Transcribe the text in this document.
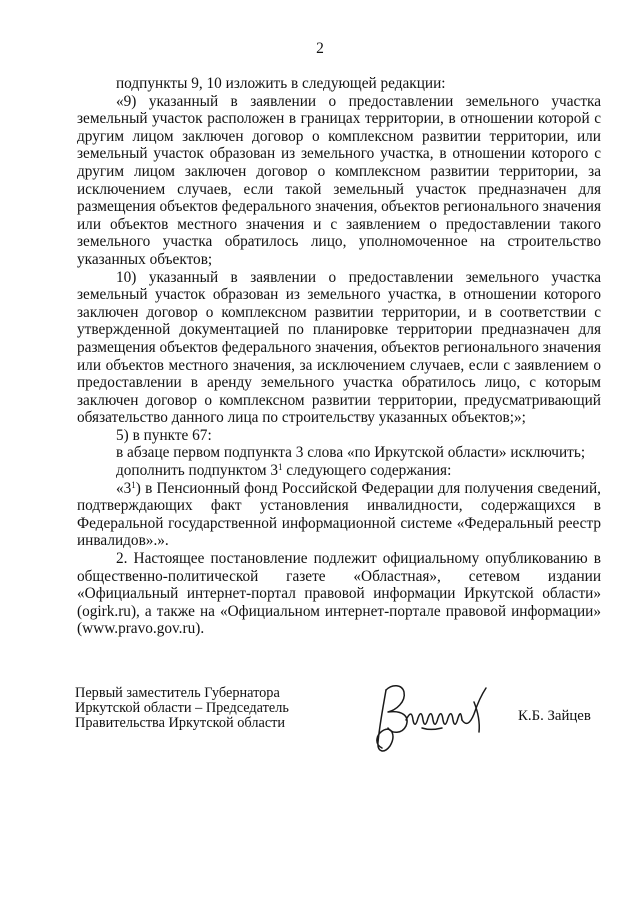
2

подпункты 9, 10 изложить в следующей редакции:

«9) указанный в заявлении о предоставлении земельного участка земельный участок расположен в границах территории, в отношении которой с другим лицом заключен договор о комплексном развитии территории, или земельный участок образован из земельного участка, в отношении которого с другим лицом заключен договор о комплексном развитии территории, за исключением случаев, если такой земельный участок предназначен для размещения объектов федерального значения, объектов регионального значения или объектов местного значения и с заявлением о предоставлении такого земельного участка обратилось лицо, уполномоченное на строительство указанных объектов;

10) указанный в заявлении о предоставлении земельного участка земельный участок образован из земельного участка, в отношении которого заключен договор о комплексном развитии территории, и в соответствии с утвержденной документацией по планировке территории предназначен для размещения объектов федерального значения, объектов регионального значения или объектов местного значения, за исключением случаев, если с заявлением о предоставлении в аренду земельного участка обратилось лицо, с которым заключен договор о комплексном развитии территории, предусматривающий обязательство данного лица по строительству указанных объектов;»;

5) в пункте 67:

в абзаце первом подпункта 3 слова «по Иркутской области» исключить;

дополнить подпунктом $3^1$ следующего содержания:

«$3^1$) в Пенсионный фонд Российской Федерации для получения сведений, подтверждающих факт установления инвалидности, содержащихся в Федеральной государственной информационной системе «Федеральный реестр инвалидов».».

2. Настоящее постановление подлежит официальному опубликованию в общественно-политической газете «Областная», сетевом издании «Официальный интернет-портал правовой информации Иркутской области» (ogirk.ru), а также на «Официальном интернет-портале правовой информации» (www.pravo.gov.ru).

Первый заместитель Губернатора
Иркутской области – Председатель
Правительства Иркутской области	К.Б. Зайцев
